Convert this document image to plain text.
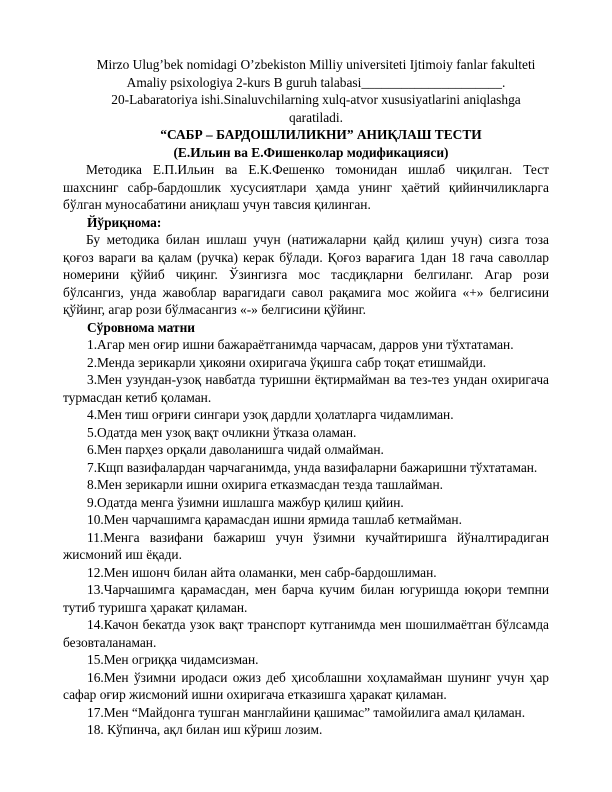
Mirzo Ulug’bek nomidagi O’zbekiston Milliy universiteti Ijtimoiy fanlar fakulteti
Amaliy psixologiya 2-kurs B guruh talabasi_____________________.
20-Labaratoriya ishi.Sinaluvchilarning xulq-atvor xususiyatlarini aniqlashga
qaratiladi.
“САБР – БАРДОШЛИЛИКНИ” АНИҚЛАШ ТЕСТИ
(Е.Ильин ва Е.Фишенколар модификацияси)

Методика Е.П.Ильин ва Е.К.Фешенко томонидан ишлаб чиқилган. Тест шахснинг сабр-бардошлик хусусиятлари ҳамда унинг ҳаётий қийинчиликларга бўлган муносабатини аниқлаш учун тавсия қилинган.

Йўриқнома:

Бу методика билан ишлаш учун (натижаларни қайд қилиш учун) сизга тоза қоғоз вараги ва қалам (ручка) керак бўлади. Қоғоз варағига 1дан 18 гача саволлар номерини қўйиб чиқинг. Ўзингизга мос тасдиқларни белгиланг. Агар рози бўлсангиз, унда жавоблар варагидаги савол рақамига мос жойига «+» белгисини қўйинг, агар рози бўлмасангиз «-» белгисини қўйинг.

Сўровнома матни

1.Агар мен оғир ишни бажараётганимда чарчасам, дарров уни тўхтатаман.

2.Менда зерикарли ҳикояни охиригача ўқишга сабр тоқат етишмайди.

3.Мен узундан-узоқ навбатда туришни ёқтирмайман ва тез-тез ундан охиригача турмасдан кетиб қоламан.

4.Мен тиш оғриғи сингари узоқ дардли ҳолатларга чидамлиман.

5.Одатда мен узоқ вақт очликни ўтказа оламан.

6.Мен парҳез орқали даволанишга чидай олмайман.

7.Кщп вазифалардан чарчаганимда, унда вазифаларни бажаришни тўхтатаман.

8.Мен зерикарли ишни охирига етказмасдан тезда ташлайман.

9.Одатда менга ўзимни ишлашга мажбур қилиш қийин.

10.Мен чарчашимга қарамасдан ишни ярмида ташлаб кетмайман.

11.Менга вазифани бажариш учун ўзимни кучайтиришга йўналтирадиган жисмоний иш ёқади.

12.Мен ишонч билан айта оламанки, мен сабр-бардошлиман.

13.Чарчашимга қарамасдан, мен барча кучим билан югуришда юқори темпни тутиб туришга ҳаракат қиламан.

14.Качон бекатда узок вақт транспорт кутганимда мен шошилмаётган бўлсамда безовталанаман.

15.Мен огриққа чидамсизман.

16.Мен ўзимни иродаси ожиз деб ҳисоблашни хоҳламайман шунинг учун ҳар сафар оғир жисмоний ишни охиригача етказишга ҳаракат қиламан.

17.Мен “Майдонга тушган манглайини қашимас” тамойилига амал қиламан.

18. Кўпинча, ақл билан иш кўриш лозим.
